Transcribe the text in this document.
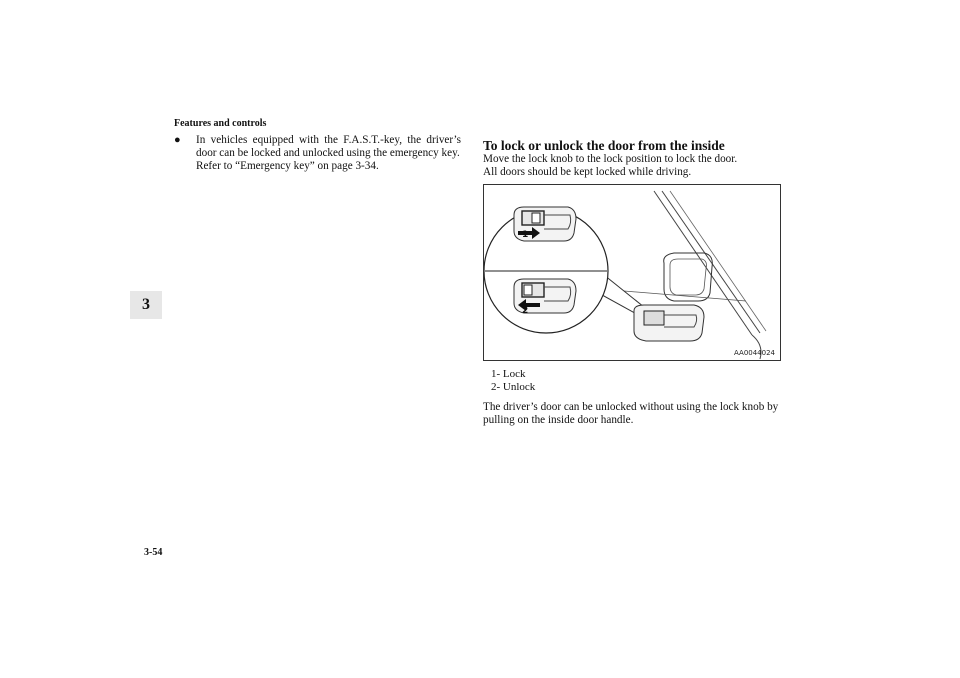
Features and controls
3
●	In vehicles equipped with the F.A.S.T.-key, the driver’s door can be locked and unlocked using the emergency key.
Refer to “Emergency key” on page 3-34.
To lock or unlock the door from the inside

Move the lock knob to the lock position to lock the door.

All doors should be kept locked while driving.

1
2
AA0044024
1- Lock
2- Unlock
The driver’s door can be unlocked without using the lock knob by pulling on the inside door handle.
3-54
